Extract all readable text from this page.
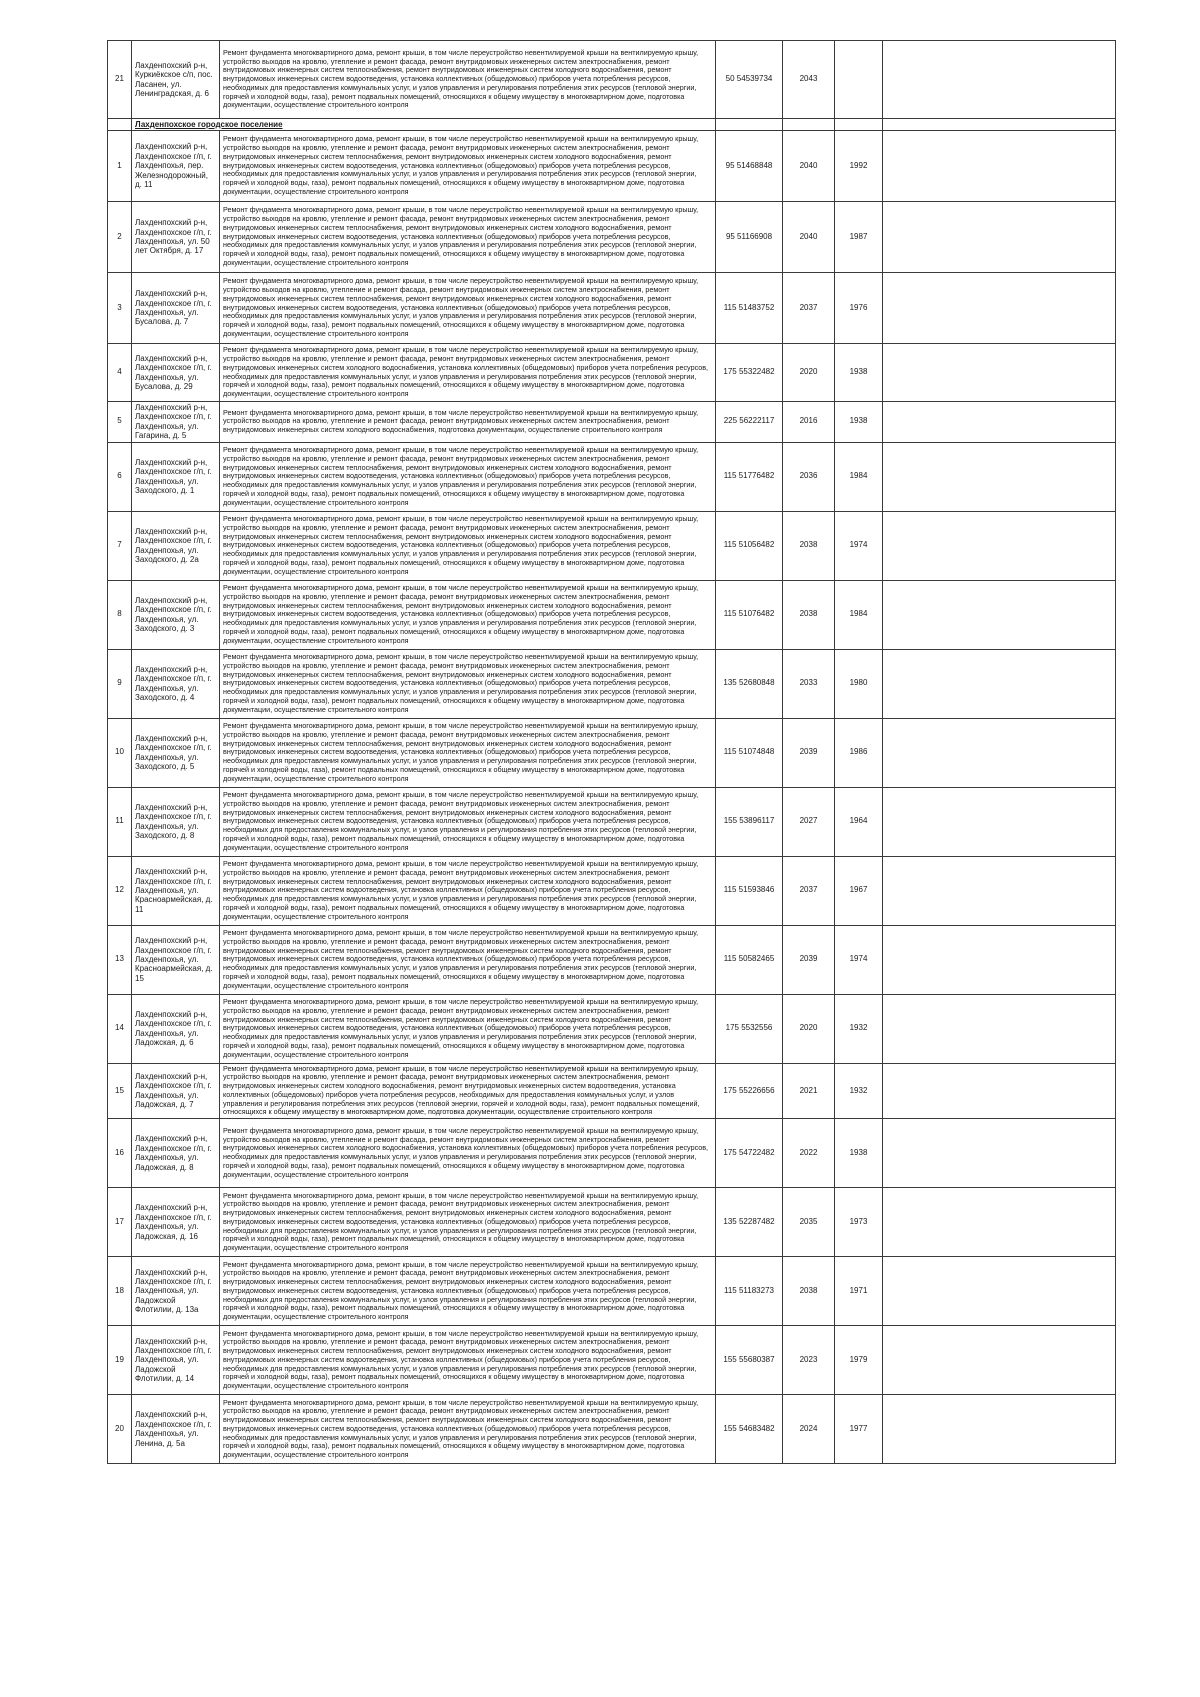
21	Лахденпохский р-н, Куркиёкское с/п, пос. Ласанен, ул. Ленинградская, д. 6	Ремонт фундамента многоквартирного дома, ремонт крыши, в том числе переустройство невентилируемой крыши на вентилируемую крышу, устройство выходов на кровлю, утепление и ремонт фасада, ремонт внутридомовых инженерных систем электроснабжения, ремонт внутридомовых инженерных систем теплоснабжения, ремонт внутридомовых инженерных систем холодного водоснабжения, ремонт внутридомовых инженерных систем водоотведения, установка коллективных (общедомовых) приборов учета потребления ресурсов, необходимых для предоставления коммунальных услуг, и узлов управления и регулирования потребления этих ресурсов (тепловой энергии, горячей и холодной воды, газа), ремонт подвальных помещений, относящихся к общему имуществу в многоквартирном доме, подготовка документации, осуществление строительного контроля	50 54539734	2043		
	Лахденпохское городское поселение					
1	Лахденпохский р-н, Лахденпохское г/п, г. Лахденпохья, пер. Железнодорожный, д. 11	Ремонт фундамента многоквартирного дома, ремонт крыши, в том числе переустройство невентилируемой крыши на вентилируемую крышу, устройство выходов на кровлю, утепление и ремонт фасада, ремонт внутридомовых инженерных систем электроснабжения, ремонт внутридомовых инженерных систем теплоснабжения, ремонт внутридомовых инженерных систем холодного водоснабжения, ремонт внутридомовых инженерных систем водоотведения, установка коллективных (общедомовых) приборов учета потребления ресурсов, необходимых для предоставления коммунальных услуг, и узлов управления и регулирования потребления этих ресурсов (тепловой энергии, горячей и холодной воды, газа), ремонт подвальных помещений, относящихся к общему имуществу в многоквартирном доме, подготовка документации, осуществление строительного контроля	95 51468848	2040	1992	
2	Лахденпохский р-н, Лахденпохское г/п, г. Лахденпохья, ул. 50 лет Октября, д. 17	Ремонт фундамента многоквартирного дома, ремонт крыши, в том числе переустройство невентилируемой крыши на вентилируемую крышу, устройство выходов на кровлю, утепление и ремонт фасада, ремонт внутридомовых инженерных систем электроснабжения, ремонт внутридомовых инженерных систем теплоснабжения, ремонт внутридомовых инженерных систем холодного водоснабжения, ремонт внутридомовых инженерных систем водоотведения, установка коллективных (общедомовых) приборов учета потребления ресурсов, необходимых для предоставления коммунальных услуг, и узлов управления и регулирования потребления этих ресурсов (тепловой энергии, горячей и холодной воды, газа), ремонт подвальных помещений, относящихся к общему имуществу в многоквартирном доме, подготовка документации, осуществление строительного контроля	95 51166908	2040	1987	
3	Лахденпохский р-н, Лахденпохское г/п, г. Лахденпохья, ул. Бусалова, д. 7	Ремонт фундамента многоквартирного дома, ремонт крыши, в том числе переустройство невентилируемой крыши на вентилируемую крышу, устройство выходов на кровлю, утепление и ремонт фасада, ремонт внутридомовых инженерных систем электроснабжения, ремонт внутридомовых инженерных систем теплоснабжения, ремонт внутридомовых инженерных систем холодного водоснабжения, ремонт внутридомовых инженерных систем водоотведения, установка коллективных (общедомовых) приборов учета потребления ресурсов, необходимых для предоставления коммунальных услуг, и узлов управления и регулирования потребления этих ресурсов (тепловой энергии, горячей и холодной воды, газа), ремонт подвальных помещений, относящихся к общему имуществу в многоквартирном доме, подготовка документации, осуществление строительного контроля	115 51483752	2037	1976	
4	Лахденпохский р-н, Лахденпохское г/п, г. Лахденпохья, ул. Бусалова, д. 29	Ремонт фундамента многоквартирного дома, ремонт крыши, в том числе переустройство невентилируемой крыши на вентилируемую крышу, устройство выходов на кровлю, утепление и ремонт фасада, ремонт внутридомовых инженерных систем электроснабжения, ремонт внутридомовых инженерных систем холодного водоснабжения, установка коллективных (общедомовых) приборов учета потребления ресурсов, необходимых для предоставления коммунальных услуг, и узлов управления и регулирования потребления этих ресурсов (тепловой энергии, горячей и холодной воды, газа), ремонт подвальных помещений, относящихся к общему имуществу в многоквартирном доме, подготовка документации, осуществление строительного контроля	175 55322482	2020	1938	
5	Лахденпохский р-н, Лахденпохское г/п, г. Лахденпохья, ул. Гагарина, д. 5	Ремонт фундамента многоквартирного дома, ремонт крыши, в том числе переустройство невентилируемой крыши на вентилируемую крышу, устройство выходов на кровлю, утепление и ремонт фасада, ремонт внутридомовых инженерных систем электроснабжения, ремонт внутридомовых инженерных систем холодного водоснабжения, подготовка документации, осуществление строительного контроля	225 56222117	2016	1938	
6	Лахденпохский р-н, Лахденпохское г/п, г. Лахденпохья, ул. Заходского, д. 1	Ремонт фундамента многоквартирного дома, ремонт крыши, в том числе переустройство невентилируемой крыши на вентилируемую крышу, устройство выходов на кровлю, утепление и ремонт фасада, ремонт внутридомовых инженерных систем электроснабжения, ремонт внутридомовых инженерных систем теплоснабжения, ремонт внутридомовых инженерных систем холодного водоснабжения, ремонт внутридомовых инженерных систем водоотведения, установка коллективных (общедомовых) приборов учета потребления ресурсов, необходимых для предоставления коммунальных услуг, и узлов управления и регулирования потребления этих ресурсов (тепловой энергии, горячей и холодной воды, газа), ремонт подвальных помещений, относящихся к общему имуществу в многоквартирном доме, подготовка документации, осуществление строительного контроля	115 51776482	2036	1984	
7	Лахденпохский р-н, Лахденпохское г/п, г. Лахденпохья, ул. Заходского, д. 2а	Ремонт фундамента многоквартирного дома, ремонт крыши, в том числе переустройство невентилируемой крыши на вентилируемую крышу, устройство выходов на кровлю, утепление и ремонт фасада, ремонт внутридомовых инженерных систем электроснабжения, ремонт внутридомовых инженерных систем теплоснабжения, ремонт внутридомовых инженерных систем холодного водоснабжения, ремонт внутридомовых инженерных систем водоотведения, установка коллективных (общедомовых) приборов учета потребления ресурсов, необходимых для предоставления коммунальных услуг, и узлов управления и регулирования потребления этих ресурсов (тепловой энергии, горячей и холодной воды, газа), ремонт подвальных помещений, относящихся к общему имуществу в многоквартирном доме, подготовка документации, осуществление строительного контроля	115 51056482	2038	1974	
8	Лахденпохский р-н, Лахденпохское г/п, г. Лахденпохья, ул. Заходского, д. 3	Ремонт фундамента многоквартирного дома, ремонт крыши, в том числе переустройство невентилируемой крыши на вентилируемую крышу, устройство выходов на кровлю, утепление и ремонт фасада, ремонт внутридомовых инженерных систем электроснабжения, ремонт внутридомовых инженерных систем теплоснабжения, ремонт внутридомовых инженерных систем холодного водоснабжения, ремонт внутридомовых инженерных систем водоотведения, установка коллективных (общедомовых) приборов учета потребления ресурсов, необходимых для предоставления коммунальных услуг, и узлов управления и регулирования потребления этих ресурсов (тепловой энергии, горячей и холодной воды, газа), ремонт подвальных помещений, относящихся к общему имуществу в многоквартирном доме, подготовка документации, осуществление строительного контроля	115 51076482	2038	1984	
9	Лахденпохский р-н, Лахденпохское г/п, г. Лахденпохья, ул. Заходского, д. 4	Ремонт фундамента многоквартирного дома, ремонт крыши, в том числе переустройство невентилируемой крыши на вентилируемую крышу, устройство выходов на кровлю, утепление и ремонт фасада, ремонт внутридомовых инженерных систем электроснабжения, ремонт внутридомовых инженерных систем теплоснабжения, ремонт внутридомовых инженерных систем холодного водоснабжения, ремонт внутридомовых инженерных систем водоотведения, установка коллективных (общедомовых) приборов учета потребления ресурсов, необходимых для предоставления коммунальных услуг, и узлов управления и регулирования потребления этих ресурсов (тепловой энергии, горячей и холодной воды, газа), ремонт подвальных помещений, относящихся к общему имуществу в многоквартирном доме, подготовка документации, осуществление строительного контроля	135 52680848	2033	1980	
10	Лахденпохский р-н, Лахденпохское г/п, г. Лахденпохья, ул. Заходского, д. 5	Ремонт фундамента многоквартирного дома, ремонт крыши, в том числе переустройство невентилируемой крыши на вентилируемую крышу, устройство выходов на кровлю, утепление и ремонт фасада, ремонт внутридомовых инженерных систем электроснабжения, ремонт внутридомовых инженерных систем теплоснабжения, ремонт внутридомовых инженерных систем холодного водоснабжения, ремонт внутридомовых инженерных систем водоотведения, установка коллективных (общедомовых) приборов учета потребления ресурсов, необходимых для предоставления коммунальных услуг, и узлов управления и регулирования потребления этих ресурсов (тепловой энергии, горячей и холодной воды, газа), ремонт подвальных помещений, относящихся к общему имуществу в многоквартирном доме, подготовка документации, осуществление строительного контроля	115 51074848	2039	1986	
11	Лахденпохский р-н, Лахденпохское г/п, г. Лахденпохья, ул. Заходского, д. 8	Ремонт фундамента многоквартирного дома, ремонт крыши, в том числе переустройство невентилируемой крыши на вентилируемую крышу, устройство выходов на кровлю, утепление и ремонт фасада, ремонт внутридомовых инженерных систем электроснабжения, ремонт внутридомовых инженерных систем теплоснабжения, ремонт внутридомовых инженерных систем холодного водоснабжения, ремонт внутридомовых инженерных систем водоотведения, установка коллективных (общедомовых) приборов учета потребления ресурсов, необходимых для предоставления коммунальных услуг, и узлов управления и регулирования потребления этих ресурсов (тепловой энергии, горячей и холодной воды, газа), ремонт подвальных помещений, относящихся к общему имуществу в многоквартирном доме, подготовка документации, осуществление строительного контроля	155 53896117	2027	1964	
12	Лахденпохский р-н, Лахденпохское г/п, г. Лахденпохья, ул. Красноармейская, д. 11	Ремонт фундамента многоквартирного дома, ремонт крыши, в том числе переустройство невентилируемой крыши на вентилируемую крышу, устройство выходов на кровлю, утепление и ремонт фасада, ремонт внутридомовых инженерных систем электроснабжения, ремонт внутридомовых инженерных систем теплоснабжения, ремонт внутридомовых инженерных систем холодного водоснабжения, ремонт внутридомовых инженерных систем водоотведения, установка коллективных (общедомовых) приборов учета потребления ресурсов, необходимых для предоставления коммунальных услуг, и узлов управления и регулирования потребления этих ресурсов (тепловой энергии, горячей и холодной воды, газа), ремонт подвальных помещений, относящихся к общему имуществу в многоквартирном доме, подготовка документации, осуществление строительного контроля	115 51593846	2037	1967	
13	Лахденпохский р-н, Лахденпохское г/п, г. Лахденпохья, ул. Красноармейская, д. 15	Ремонт фундамента многоквартирного дома, ремонт крыши, в том числе переустройство невентилируемой крыши на вентилируемую крышу, устройство выходов на кровлю, утепление и ремонт фасада, ремонт внутридомовых инженерных систем электроснабжения, ремонт внутридомовых инженерных систем теплоснабжения, ремонт внутридомовых инженерных систем холодного водоснабжения, ремонт внутридомовых инженерных систем водоотведения, установка коллективных (общедомовых) приборов учета потребления ресурсов, необходимых для предоставления коммунальных услуг, и узлов управления и регулирования потребления этих ресурсов (тепловой энергии, горячей и холодной воды, газа), ремонт подвальных помещений, относящихся к общему имуществу в многоквартирном доме, подготовка документации, осуществление строительного контроля	115 50582465	2039	1974	
14	Лахденпохский р-н, Лахденпохское г/п, г. Лахденпохья, ул. Ладожская, д. 6	Ремонт фундамента многоквартирного дома, ремонт крыши, в том числе переустройство невентилируемой крыши на вентилируемую крышу, устройство выходов на кровлю, утепление и ремонт фасада, ремонт внутридомовых инженерных систем электроснабжения, ремонт внутридомовых инженерных систем теплоснабжения, ремонт внутридомовых инженерных систем холодного водоснабжения, ремонт внутридомовых инженерных систем водоотведения, установка коллективных (общедомовых) приборов учета потребления ресурсов, необходимых для предоставления коммунальных услуг, и узлов управления и регулирования потребления этих ресурсов (тепловой энергии, горячей и холодной воды, газа), ремонт подвальных помещений, относящихся к общему имуществу в многоквартирном доме, подготовка документации, осуществление строительного контроля	175 5532556	2020	1932	
15	Лахденпохский р-н, Лахденпохское г/п, г. Лахденпохья, ул. Ладожская, д. 7	Ремонт фундамента многоквартирного дома, ремонт крыши, в том числе переустройство невентилируемой крыши на вентилируемую крышу, устройство выходов на кровлю, утепление и ремонт фасада, ремонт внутридомовых инженерных систем электроснабжения, ремонт внутридомовых инженерных систем холодного водоснабжения, ремонт внутридомовых инженерных систем водоотведения, установка коллективных (общедомовых) приборов учета потребления ресурсов, необходимых для предоставления коммунальных услуг, и узлов управления и регулирования потребления этих ресурсов (тепловой энергии, горячей и холодной воды, газа), ремонт подвальных помещений, относящихся к общему имуществу в многоквартирном доме, подготовка документации, осуществление строительного контроля	175 55226656	2021	1932	
16	Лахденпохский р-н, Лахденпохское г/п, г. Лахденпохья, ул. Ладожская, д. 8	Ремонт фундамента многоквартирного дома, ремонт крыши, в том числе переустройство невентилируемой крыши на вентилируемую крышу, устройство выходов на кровлю, утепление и ремонт фасада, ремонт внутридомовых инженерных систем электроснабжения, ремонт внутридомовых инженерных систем холодного водоснабжения, установка коллективных (общедомовых) приборов учета потребления ресурсов, необходимых для предоставления коммунальных услуг, и узлов управления и регулирования потребления этих ресурсов (тепловой энергии, горячей и холодной воды, газа), ремонт подвальных помещений, относящихся к общему имуществу в многоквартирном доме, подготовка документации, осуществление строительного контроля	175 54722482	2022	1938	
17	Лахденпохский р-н, Лахденпохское г/п, г. Лахденпохья, ул. Ладожская, д. 16	Ремонт фундамента многоквартирного дома, ремонт крыши, в том числе переустройство невентилируемой крыши на вентилируемую крышу, устройство выходов на кровлю, утепление и ремонт фасада, ремонт внутридомовых инженерных систем электроснабжения, ремонт внутридомовых инженерных систем теплоснабжения, ремонт внутридомовых инженерных систем холодного водоснабжения, ремонт внутридомовых инженерных систем водоотведения, установка коллективных (общедомовых) приборов учета потребления ресурсов, необходимых для предоставления коммунальных услуг, и узлов управления и регулирования потребления этих ресурсов (тепловой энергии, горячей и холодной воды, газа), ремонт подвальных помещений, относящихся к общему имуществу в многоквартирном доме, подготовка документации, осуществление строительного контроля	135 52287482	2035	1973	
18	Лахденпохский р-н, Лахденпохское г/п, г. Лахденпохья, ул. Ладожской Флотилии, д. 13а	Ремонт фундамента многоквартирного дома, ремонт крыши, в том числе переустройство невентилируемой крыши на вентилируемую крышу, устройство выходов на кровлю, утепление и ремонт фасада, ремонт внутридомовых инженерных систем электроснабжения, ремонт внутридомовых инженерных систем теплоснабжения, ремонт внутридомовых инженерных систем холодного водоснабжения, ремонт внутридомовых инженерных систем водоотведения, установка коллективных (общедомовых) приборов учета потребления ресурсов, необходимых для предоставления коммунальных услуг, и узлов управления и регулирования потребления этих ресурсов (тепловой энергии, горячей и холодной воды, газа), ремонт подвальных помещений, относящихся к общему имуществу в многоквартирном доме, подготовка документации, осуществление строительного контроля	115 51183273	2038	1971	
19	Лахденпохский р-н, Лахденпохское г/п, г. Лахденпохья, ул. Ладожской Флотилии, д. 14	Ремонт фундамента многоквартирного дома, ремонт крыши, в том числе переустройство невентилируемой крыши на вентилируемую крышу, устройство выходов на кровлю, утепление и ремонт фасада, ремонт внутридомовых инженерных систем электроснабжения, ремонт внутридомовых инженерных систем теплоснабжения, ремонт внутридомовых инженерных систем холодного водоснабжения, ремонт внутридомовых инженерных систем водоотведения, установка коллективных (общедомовых) приборов учета потребления ресурсов, необходимых для предоставления коммунальных услуг, и узлов управления и регулирования потребления этих ресурсов (тепловой энергии, горячей и холодной воды, газа), ремонт подвальных помещений, относящихся к общему имуществу в многоквартирном доме, подготовка документации, осуществление строительного контроля	155 55680387	2023	1979	
20	Лахденпохский р-н, Лахденпохское г/п, г. Лахденпохья, ул. Ленина, д. 5а	Ремонт фундамента многоквартирного дома, ремонт крыши, в том числе переустройство невентилируемой крыши на вентилируемую крышу, устройство выходов на кровлю, утепление и ремонт фасада, ремонт внутридомовых инженерных систем электроснабжения, ремонт внутридомовых инженерных систем теплоснабжения, ремонт внутридомовых инженерных систем холодного водоснабжения, ремонт внутридомовых инженерных систем водоотведения, установка коллективных (общедомовых) приборов учета потребления ресурсов, необходимых для предоставления коммунальных услуг, и узлов управления и регулирования потребления этих ресурсов (тепловой энергии, горячей и холодной воды, газа), ремонт подвальных помещений, относящихся к общему имуществу в многоквартирном доме, подготовка документации, осуществление строительного контроля	155 54683482	2024	1977	
